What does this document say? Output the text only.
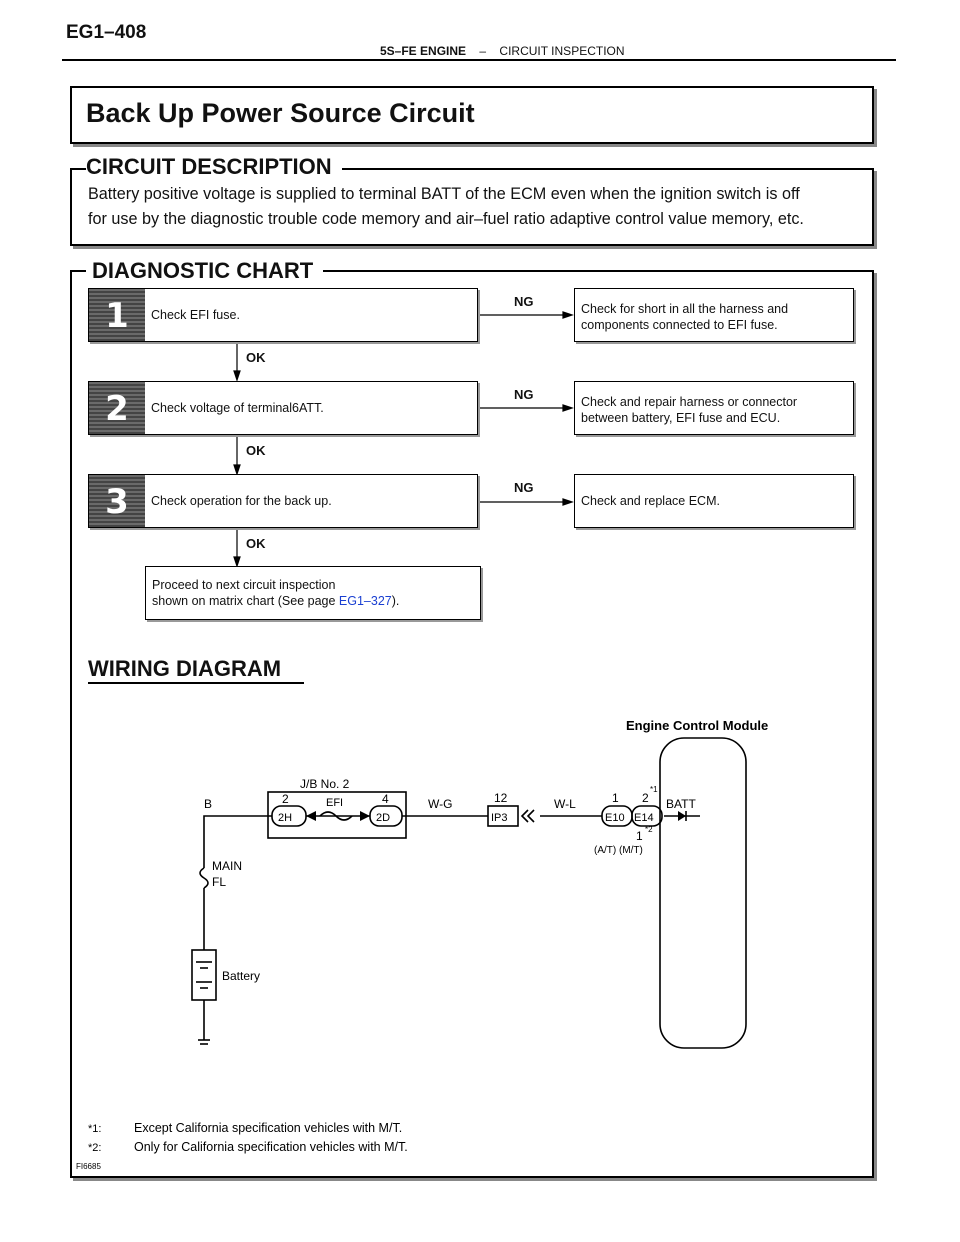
EG1–408
5S–FE ENGINE – CIRCUIT INSPECTION
Back Up Power Source Circuit
CIRCUIT DESCRIPTION
Battery positive voltage is supplied to terminal BATT of the ECM even when the ignition switch is off
for use by the diagnostic trouble code memory and air–fuel ratio adaptive control value memory, etc.
DIAGNOSTIC CHART
1	Check EFI fuse.
NG	Check for short in all the harness and
components connected to EFI fuse.
OK
2	Check voltage of terminal6ATT.
NG	Check and repair harness or connector
between battery, EFI fuse and ECU.
OK
3	Check operation for the back up.
NG
Check and replace ECM.
OK
Proceed to next circuit inspection
shown on matrix chart (See page EG1–327).
WIRING DIAGRAM
Engine Control Module
J/B No. 2
EFI
B	2
2H
4
2D
W-G	12
IP3
W-L	1
E10
2
*1
E14
BATT
1 *2
(A/T) (M/T)
MAIN
FL
Battery
*1:	Except California specification vehicles with M/T.
*2:	Only for California specification vehicles with M/T.
FI6685
